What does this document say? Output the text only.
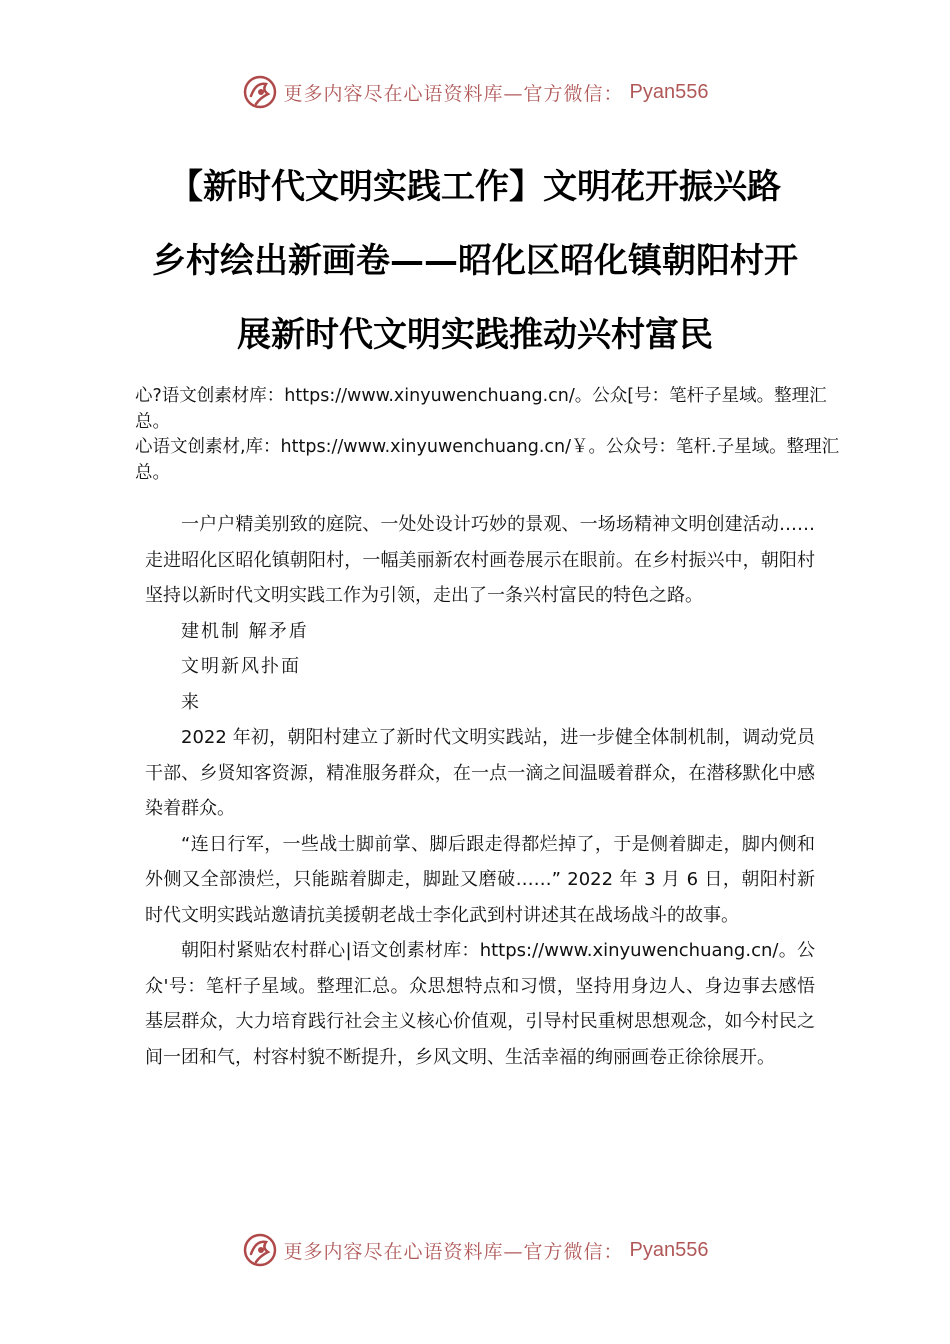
更多内容尽在心语资料库—官方微信： Pyan556
【新时代文明实践工作】文明花开振兴路
乡村绘出新画卷——昭化区昭化镇朝阳村开
展新时代文明实践推动兴村富民

心?语文创素材库：https://www.xinyuwenchuang.cn/。公众[号：笔杆子星域。整理汇总。

心语文创素材,库：https://www.xinyuwenchuang.cn/￥。公众号：笔杆.子星域。整理汇总。

一户户精美别致的庭院、一处处设计巧妙的景观、一场场精神文明创建活动……走进昭化区昭化镇朝阳村，一幅美丽新农村画卷展示在眼前。在乡村振兴中，朝阳村坚持以新时代文明实践工作为引领，走出了一条兴村富民的特色之路。

建机制 解矛盾

文明新风扑面

来

2022 年初，朝阳村建立了新时代文明实践站，进一步健全体制机制，调动党员干部、乡贤知客资源，精准服务群众，在一点一滴之间温暖着群众，在潜移默化中感染着群众。

“连日行军，一些战士脚前掌、脚后跟走得都烂掉了，于是侧着脚走，脚内侧和外侧又全部溃烂，只能踮着脚走，脚趾又磨破……” 2022 年 3 月 6 日，朝阳村新时代文明实践站邀请抗美援朝老战士李化武到村讲述其在战场战斗的故事。

朝阳村紧贴农村群心|语文创素材库：https://www.xinyuwenchuang.cn/。公众'号：笔杆子星域。整理汇总。众思想特点和习惯，坚持用身边人、身边事去感悟基层群众，大力培育践行社会主义核心价值观，引导村民重树思想观念，如今村民之间一团和气，村容村貌不断提升，乡风文明、生活幸福的绚丽画卷正徐徐展开。

更多内容尽在心语资料库—官方微信： Pyan556
